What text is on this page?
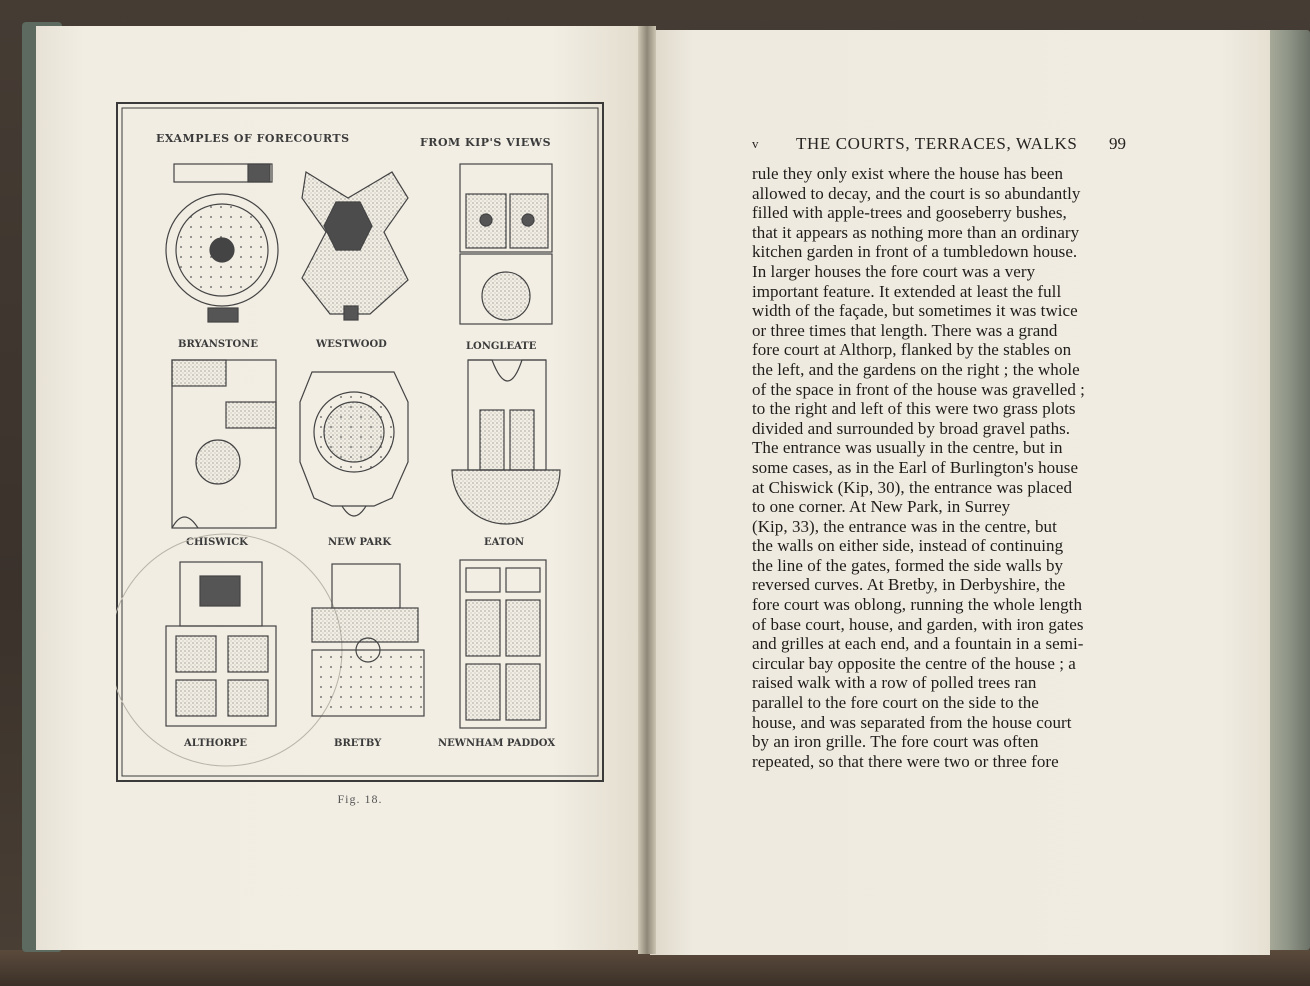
EXAMPLES OF FORECOURTS	FROM KIP'S VIEWS
BRYANSTONE	WESTWOOD	LONGLEATE
CHISWICK	NEW PARK	EATON
ALTHORPE	BRETBY	NEWNHAM PADDOX
Fig. 18.
v THE COURTS, TERRACES, WALKS 99
rule they only exist where the house has been
allowed to decay, and the court is so abundantly
filled with apple-trees and gooseberry bushes,
that it appears as nothing more than an ordinary
kitchen garden in front of a tumbledown house.
In larger houses the fore court was a very
important feature. It extended at least the full
width of the façade, but sometimes it was twice
or three times that length. There was a grand
fore court at Althorp, flanked by the stables on
the left, and the gardens on the right ; the whole
of the space in front of the house was gravelled ;
to the right and left of this were two grass plots
divided and surrounded by broad gravel paths.
The entrance was usually in the centre, but in
some cases, as in the Earl of Burlington's house
at Chiswick (Kip, 30), the entrance was placed
to one corner. At New Park, in Surrey
(Kip, 33), the entrance was in the centre, but
the walls on either side, instead of continuing
the line of the gates, formed the side walls by
reversed curves. At Bretby, in Derbyshire, the
fore court was oblong, running the whole length
of base court, house, and garden, with iron gates
and grilles at each end, and a fountain in a semi-
circular bay opposite the centre of the house ; a
raised walk with a row of polled trees ran
parallel to the fore court on the side to the
house, and was separated from the house court
by an iron grille. The fore court was often
repeated, so that there were two or three fore
